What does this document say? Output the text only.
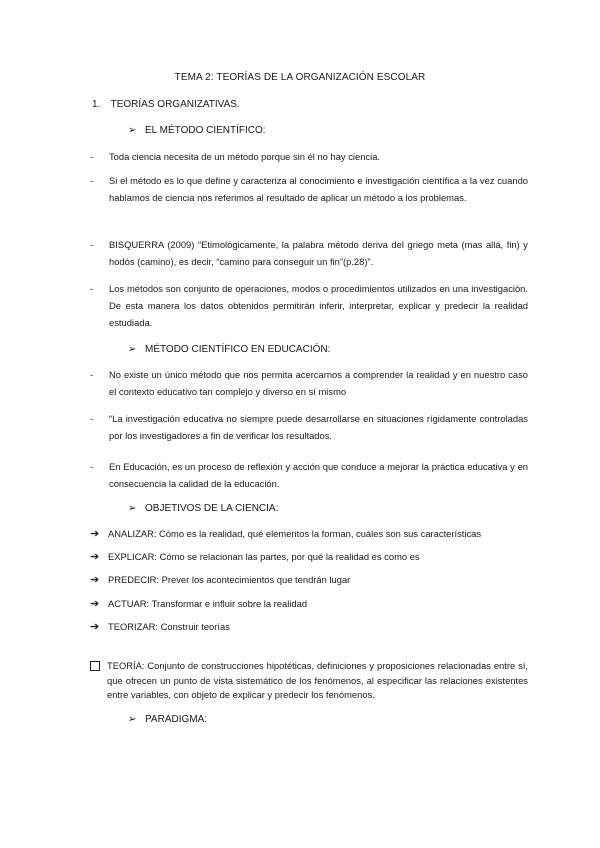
TEMA 2: TEORÍAS DE LA ORGANIZACIÓN ESCOLAR
1. TEORÍAS ORGANIZATIVAS.
➢ EL MÉTODO CIENTÍFICO:
- Toda ciencia necesita de un método porque sin él no hay ciencia.
- Si el método es lo que define y caracteriza al conocimiento e investigación científica a la vez cuando hablamos de ciencia nos referimos al resultado de aplicar un método a los problemas.
- BISQUERRA (2009) “Etimológicamente, la palabra método deriva del griego meta (mas allá, fin) y hodós (camino), es decir, “camino para conseguir un fin”(p.28)”.
- Los métodos son conjunto de operaciones, modos o procedimientos utilizados en una investigación. De esta manera los datos obtenidos permitirán inferir, interpretar, explicar y predecir la realidad estudiada.
➢ MÉTODO CIENTÍFICO EN EDUCACIÓN:
- No existe un único método que nos permita acercarnos a comprender la realidad y en nuestro caso el contexto educativo tan complejo y diverso en sí mismo
- “La investigación educativa no siempre puede desarrollarse en situaciones rígidamente controladas por los investigadores a fin de verificar los resultados.
- En Educación, es un proceso de reflexión y acción que conduce a mejorar la práctica educativa y en consecuencia la calidad de la educación.
➢ OBJETIVOS DE LA CIENCIA:
➔ ANALIZAR: Cómo es la realidad, qué elementos la forman, cuáles son sus características
➔ EXPLICAR: Cómo se relacionan las partes, por qué la realidad es como es
➔ PREDECIR: Prever los acontecimientos que tendrán lugar
➔ ACTUAR: Transformar e influir sobre la realidad
➔ TEORIZAR: Construir teorías
TEORÍA: Conjunto de construcciones hipotéticas, definiciones y proposiciones relacionadas entre sí, que ofrecen un punto de vista sistemático de los fenómenos, al especificar las relaciones existentes entre variables, con objeto de explicar y predecir los fenómenos.
➢ PARADIGMA:
